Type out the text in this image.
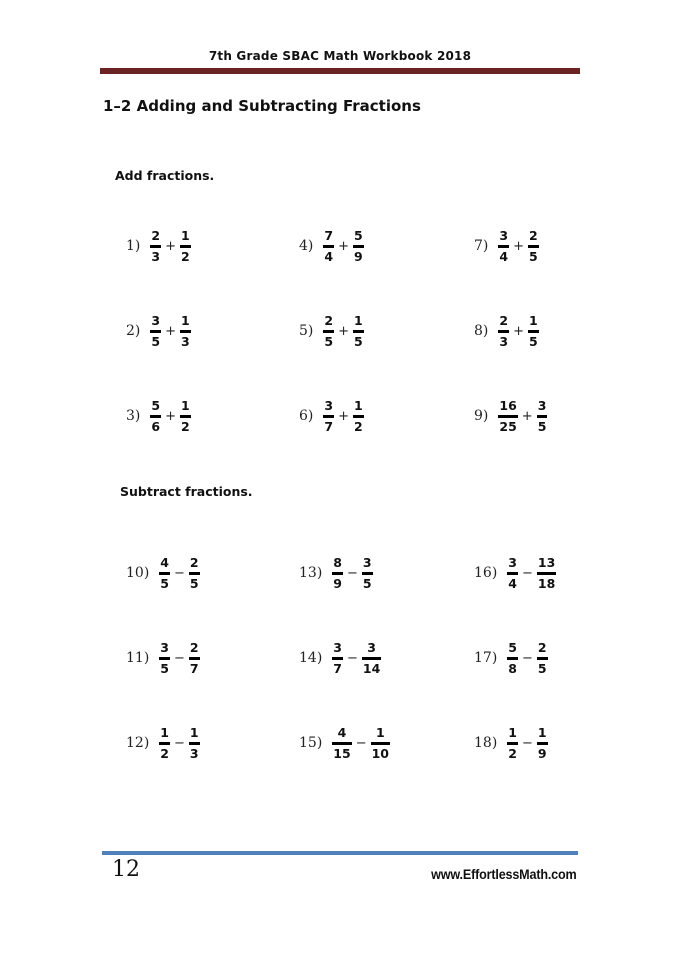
7th Grade SBAC Math Workbook 2018
1–2 Adding and Subtracting Fractions
Add fractions.
$1) \frac{2}{3} + \frac{1}{2}$
$2) \frac{3}{5} + \frac{1}{3}$
$3) \frac{5}{6} + \frac{1}{2}$
$4) \frac{7}{4} + \frac{5}{9}$
$5) \frac{2}{5} + \frac{1}{5}$
$6) \frac{3}{7} + \frac{1}{2}$
$7) \frac{3}{4} + \frac{2}{5}$
$8) \frac{2}{3} + \frac{1}{5}$
$9) \frac{16}{25} + \frac{3}{5}$
Subtract fractions.
$10) \frac{4}{5} - \frac{2}{5}$
$11) \frac{3}{5} - \frac{2}{7}$
$12) \frac{1}{2} - \frac{1}{3}$
$13) \frac{8}{9} - \frac{3}{5}$
$14) \frac{3}{7} - \frac{3}{14}$
$15) \frac{4}{15} - \frac{1}{10}$
$16) \frac{3}{4} - \frac{13}{18}$
$17) \frac{5}{8} - \frac{2}{5}$
$18) \frac{1}{2} - \frac{1}{9}$
12	www.EffortlessMath.com
